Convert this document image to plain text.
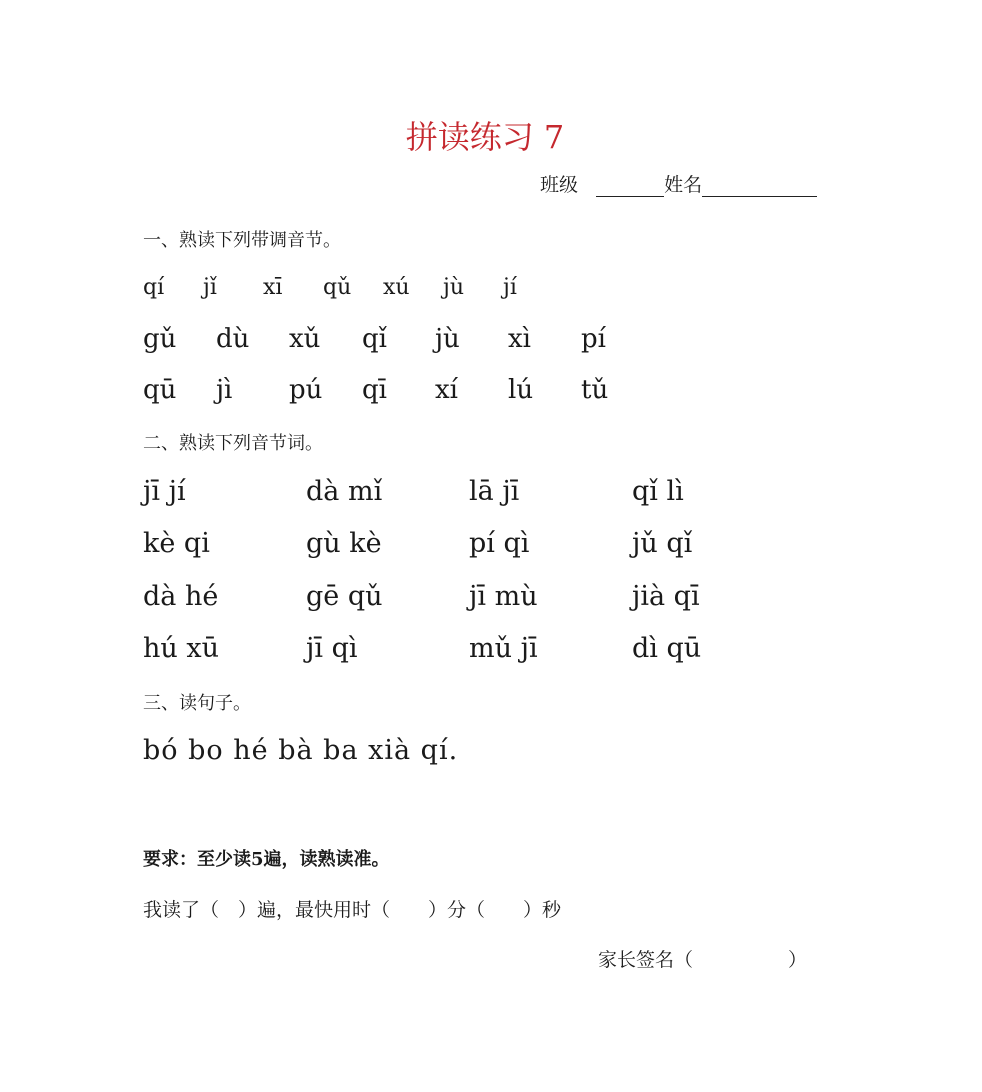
拼读练习 7
班级	姓名
一、熟读下列带调音节。
qí	jǐ	xī	qǔ	xú	jù	jí
gǔ	dù	xǔ	qǐ	jù	xì	pí
qū	jì	pú	qī	xí	lú	tǔ
二、熟读下列音节词。
jī jí	dà mǐ	lā jī	qǐ lì
kè qi	gù kè	pí qì	jǔ qǐ
dà hé	gē qǔ	jī mù	jià qī
hú xū	jī qì	mǔ jī	dì qū
三、读句子。
bó bo hé bà ba xià qí.
要求：至少读5遍，读熟读准。
我读了（　）遍，最快用时（　　）分（　　）秒
家长签名（　　　　　）
